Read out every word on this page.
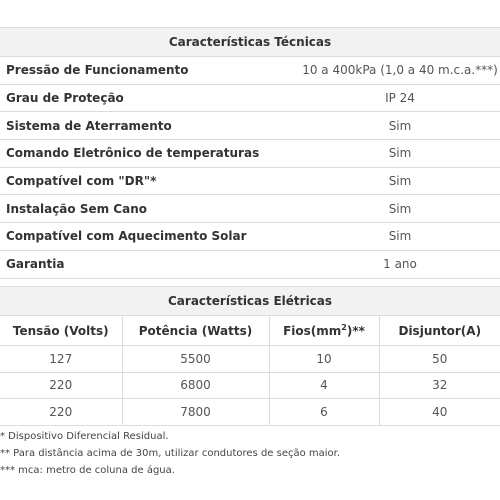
Características Técnicas	
Pressão de Funcionamento	10 a 400kPa (1,0 a 40 m.c.a.***)
Grau de Proteção	IP 24
Sistema de Aterramento	Sim
Comando Eletrônico de temperaturas	Sim
Compatível com "DR"*	Sim
Instalação Sem Cano	Sim
Compatível com Aquecimento Solar	Sim
Garantia	1 ano
Características Elétricas			
Tensão (Volts)	Potência (Watts)	$Fios(mm^2)**$	Disjuntor(A)
127	5500	10	50
220	6800	4	32
220	7800	6	40
* Dispositivo Diferencial Residual.
** Para distância acima de 30m, utilizar condutores de seção maior.
*** mca: metro de coluna de água.
